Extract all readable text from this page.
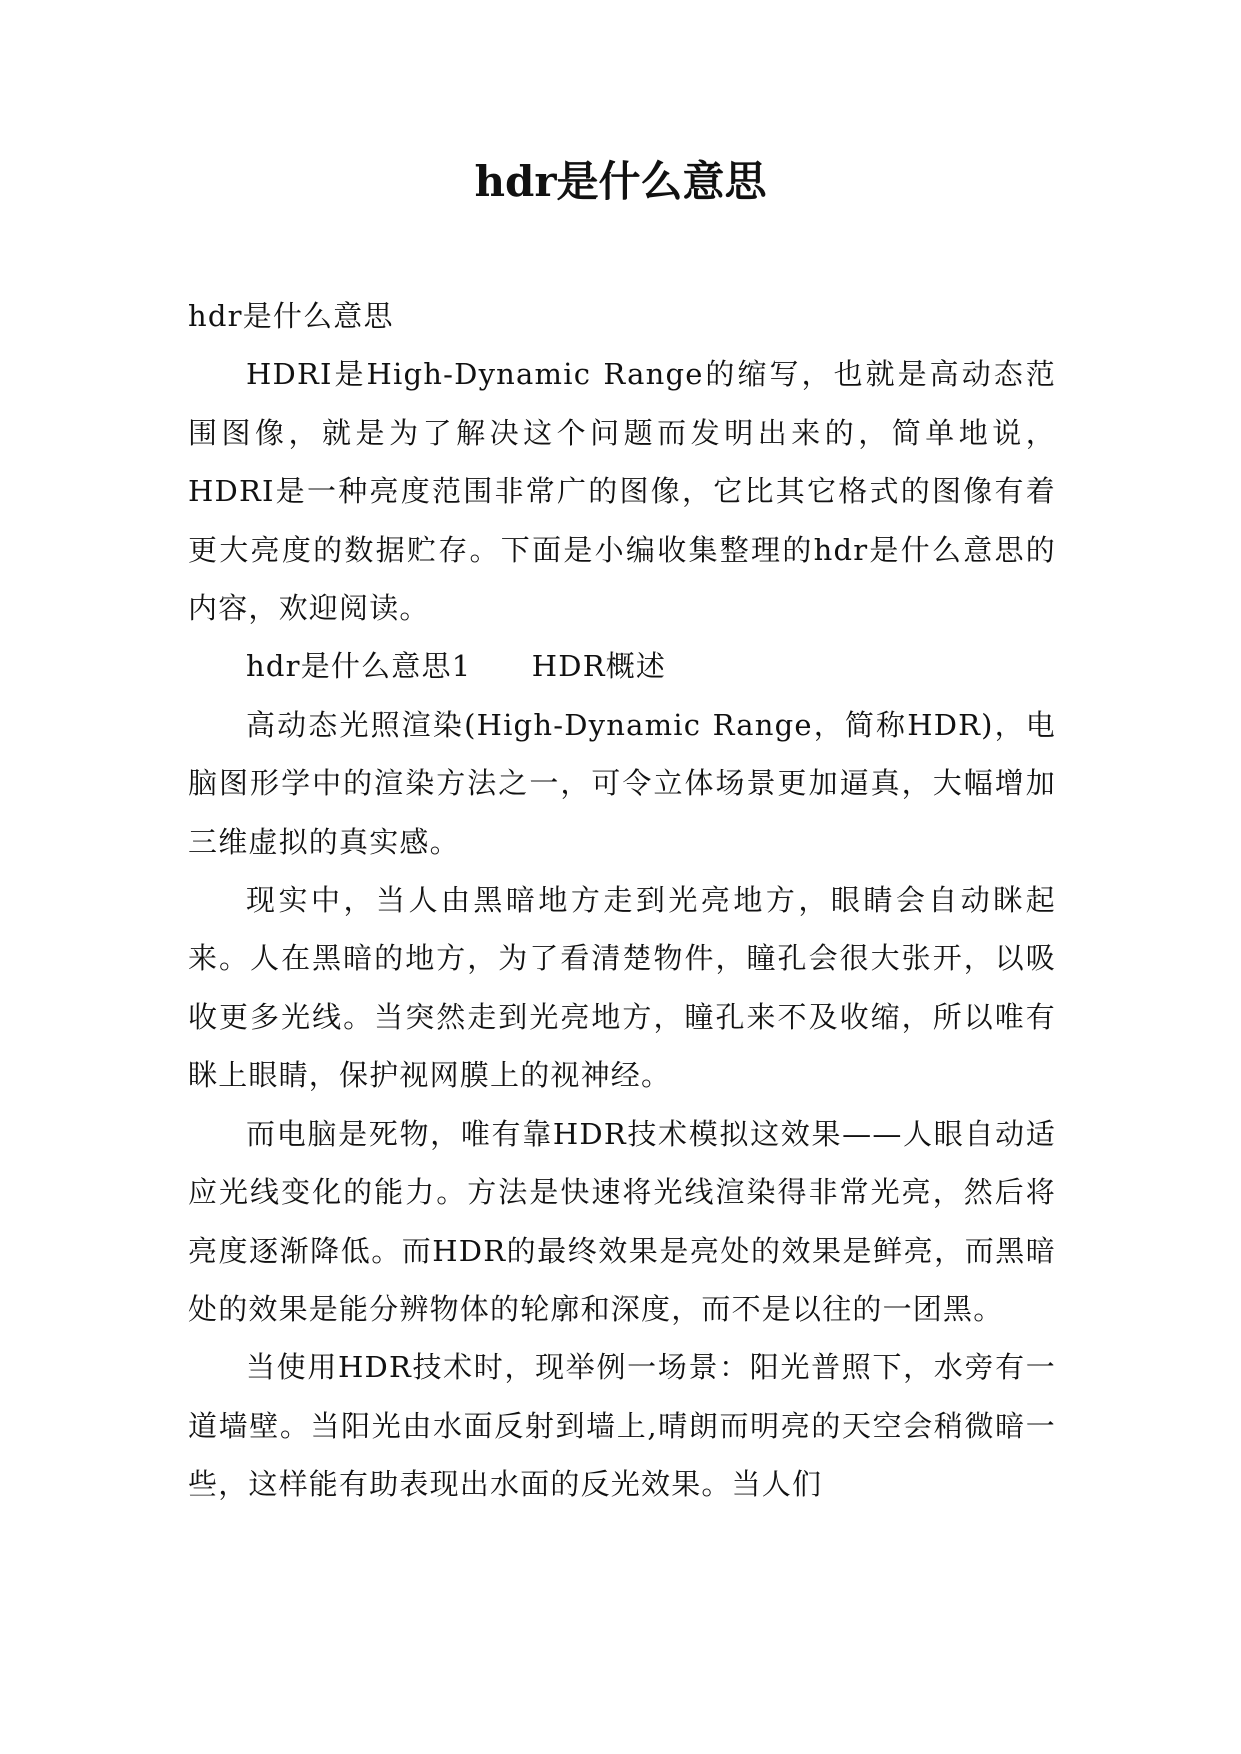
hdr是什么意思

hdr是什么意思

HDRI是High-Dynamic Range的缩写，也就是高动态范围图像，就是为了解决这个问题而发明出来的，简单地说，HDRI是一种亮度范围非常广的图像，它比其它格式的图像有着更大亮度的数据贮存。下面是小编收集整理的hdr是什么意思的内容，欢迎阅读。

hdr是什么意思1　　HDR概述

高动态光照渲染(High-Dynamic Range，简称HDR)，电脑图形学中的渲染方法之一，可令立体场景更加逼真，大幅增加三维虚拟的真实感。

现实中，当人由黑暗地方走到光亮地方，眼睛会自动眯起来。人在黑暗的地方，为了看清楚物件，瞳孔会很大张开，以吸收更多光线。当突然走到光亮地方，瞳孔来不及收缩，所以唯有眯上眼睛，保护视网膜上的视神经。

而电脑是死物，唯有靠HDR技术模拟这效果——人眼自动适应光线变化的能力。方法是快速将光线渲染得非常光亮，然后将亮度逐渐降低。而HDR的最终效果是亮处的效果是鲜亮，而黑暗处的效果是能分辨物体的轮廓和深度，而不是以往的一团黑。

当使用HDR技术时，现举例一场景：阳光普照下，水旁有一道墙壁。当阳光由水面反射到墙上,晴朗而明亮的天空会稍微暗一些，这样能有助表现出水面的反光效果。当人们
